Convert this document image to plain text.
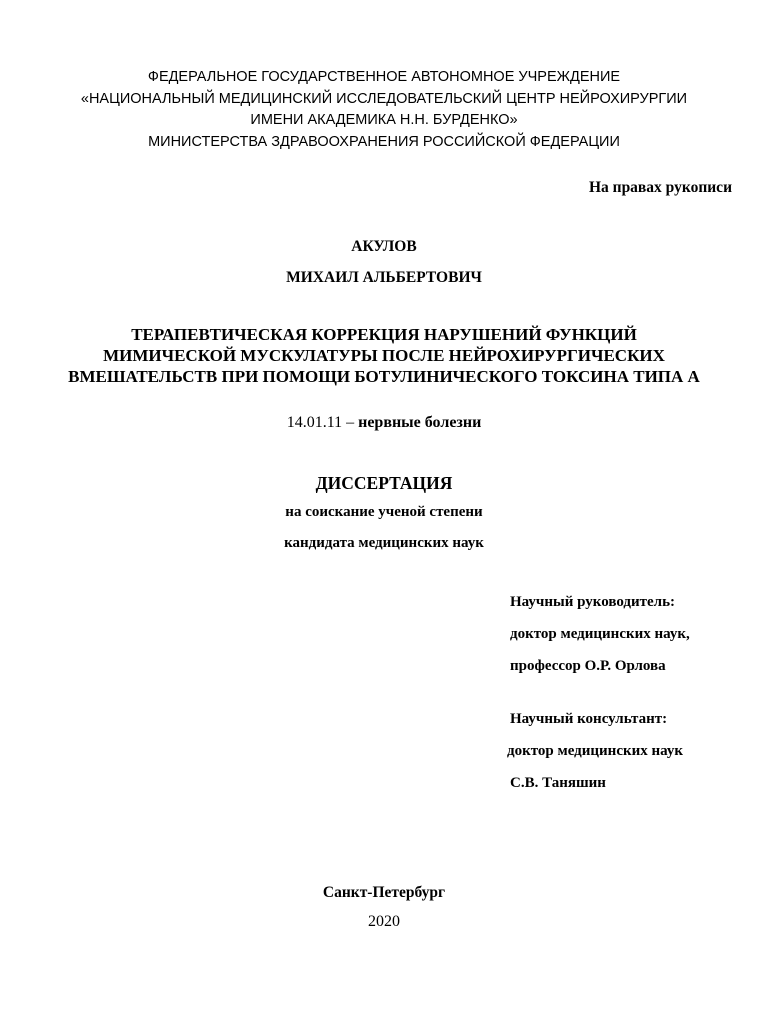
ФЕДЕРАЛЬНОЕ ГОСУДАРСТВЕННОЕ АВТОНОМНОЕ УЧРЕЖДЕНИЕ
«НАЦИОНАЛЬНЫЙ МЕДИЦИНСКИЙ ИССЛЕДОВАТЕЛЬСКИЙ ЦЕНТР НЕЙРОХИРУРГИИ
ИМЕНИ АКАДЕМИКА Н.Н. БУРДЕНКО»
МИНИСТЕРСТВА ЗДРАВООХРАНЕНИЯ РОССИЙСКОЙ ФЕДЕРАЦИИ
На правах рукописи
АКУЛОВ
МИХАИЛ АЛЬБЕРТОВИЧ
ТЕРАПЕВТИЧЕСКАЯ КОРРЕКЦИЯ НАРУШЕНИЙ ФУНКЦИЙ
МИМИЧЕСКОЙ МУСКУЛАТУРЫ ПОСЛЕ НЕЙРОХИРУРГИЧЕСКИХ
ВМЕШАТЕЛЬСТВ ПРИ ПОМОЩИ БОТУЛИНИЧЕСКОГО ТОКСИНА ТИПА А
14.01.11 – нервные болезни
ДИССЕРТАЦИЯ
на соискание ученой степени
кандидата медицинских наук
Научный руководитель:
доктор медицинских наук,
профессор О.Р. Орлова
Научный консультант:
доктор медицинских наук
С.В. Таняшин
Санкт-Петербург
2020
